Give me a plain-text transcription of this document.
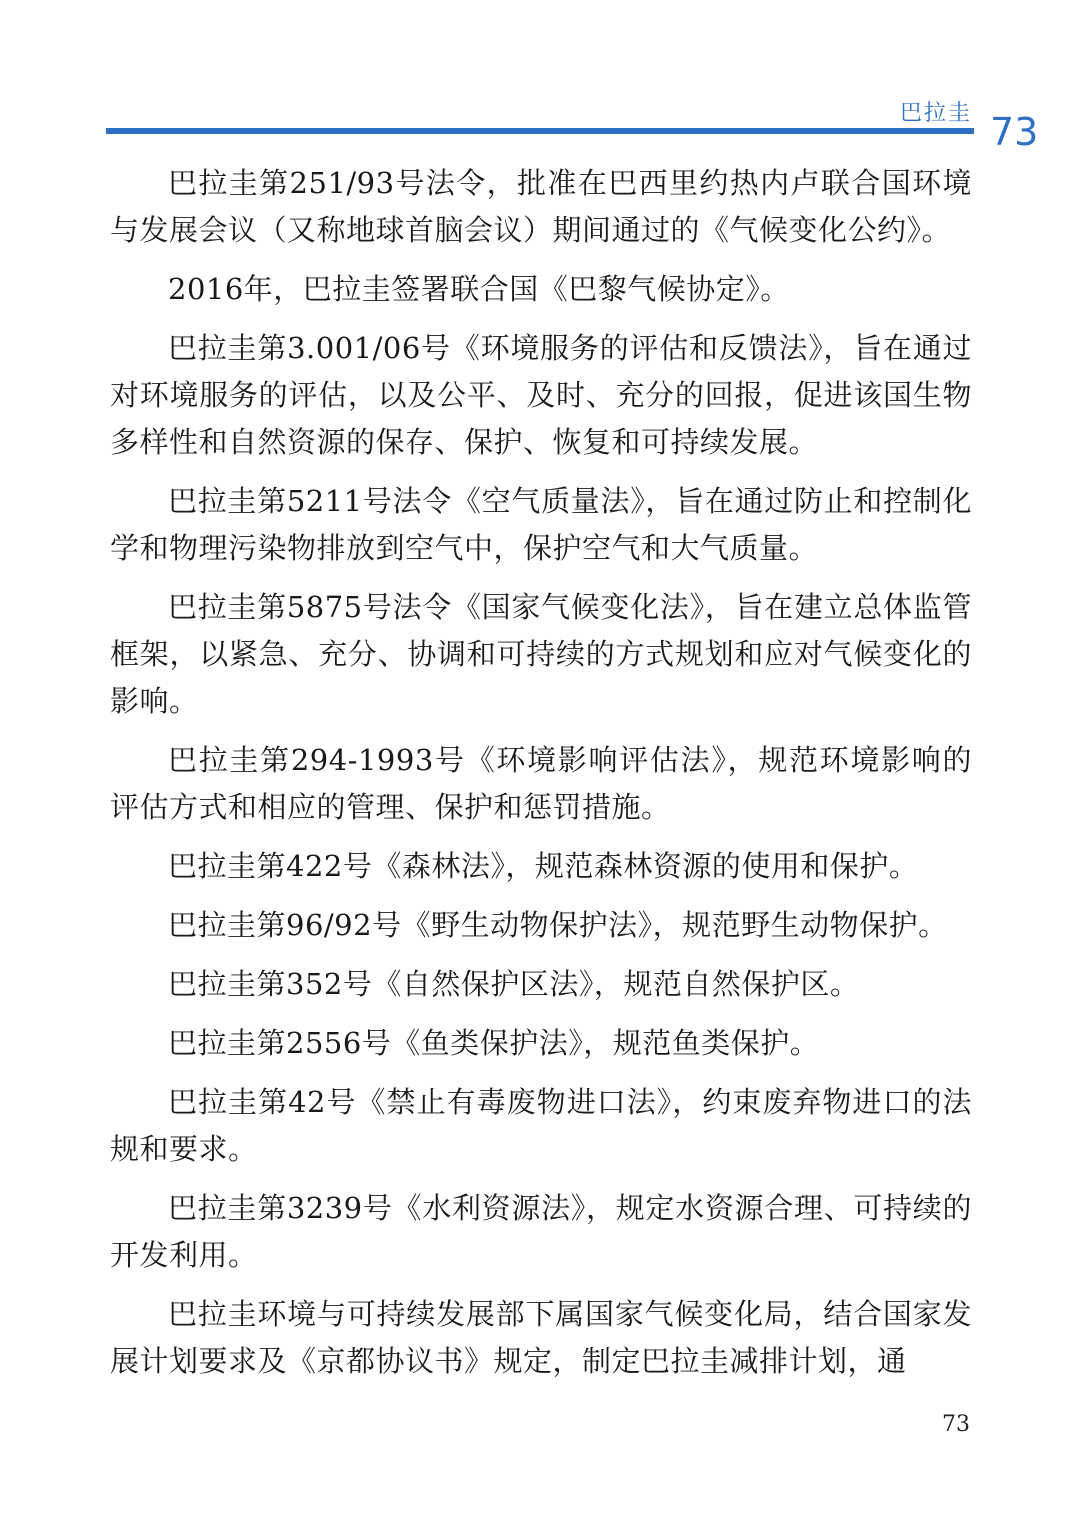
巴拉圭 73

巴拉圭第251/93号法令，批准在巴西里约热内卢联合国环境与发展会议（又称地球首脑会议）期间通过的《气候变化公约》。

2016年，巴拉圭签署联合国《巴黎气候协定》。

巴拉圭第3.001/06号《环境服务的评估和反馈法》，旨在通过对环境服务的评估，以及公平、及时、充分的回报，促进该国生物多样性和自然资源的保存、保护、恢复和可持续发展。

巴拉圭第5211号法令《空气质量法》，旨在通过防止和控制化学和物理污染物排放到空气中，保护空气和大气质量。

巴拉圭第5875号法令《国家气候变化法》，旨在建立总体监管框架，以紧急、充分、协调和可持续的方式规划和应对气候变化的影响。

巴拉圭第294-1993号《环境影响评估法》，规范环境影响的评估方式和相应的管理、保护和惩罚措施。

巴拉圭第422号《森林法》，规范森林资源的使用和保护。

巴拉圭第96/92号《野生动物保护法》，规范野生动物保护。

巴拉圭第352号《自然保护区法》，规范自然保护区。

巴拉圭第2556号《鱼类保护法》，规范鱼类保护。

巴拉圭第42号《禁止有毒废物进口法》，约束废弃物进口的法规和要求。

巴拉圭第3239号《水利资源法》，规定水资源合理、可持续的开发利用。

巴拉圭环境与可持续发展部下属国家气候变化局，结合国家发展计划要求及《京都协议书》规定，制定巴拉圭减排计划，通

73
